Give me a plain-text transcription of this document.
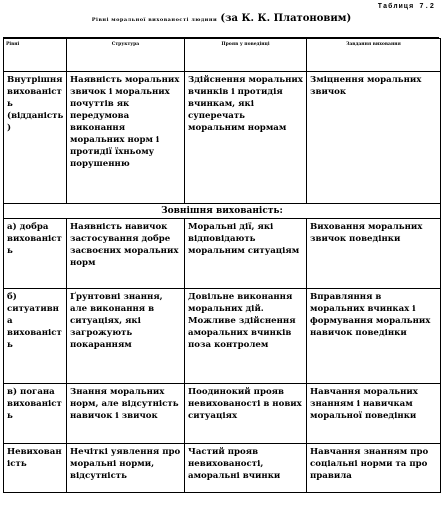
Таблиця 7.2
Рівні моральної вихованості людини (за К. К. Платоновим)
Рівні	Структура	Прояв у поведінці	Завдання виховання
Внутрішня вихованість (відданість)	Наявність моральних звичок і моральних почуттів як передумова виконання моральних норм і протидії їхньому порушенню	Здійснення моральних вчинків і протидія вчинкам, які суперечать моральним нормам	Зміцнення моральних звичок
Зовнішня вихованість:			
а) добра вихованість	Наявність навичок застосування добре засвоєних моральних норм	Моральні дії, які відповідають моральним ситуаціям	Виховання моральних звичок поведінки
б) ситуативна вихованість	Ґрунтовні знання, але виконання в ситуаціях, які загрожують покаранням	Довільне виконання моральних дій. Можливе здійснення аморальних вчинків поза контролем	Вправляння в моральних вчинках і формування моральних навичок поведінки
в) погана вихованість	Знання моральних норм, але відсутність навичок і звичок	Поодинокий прояв невихованості в нових ситуаціях	Навчання моральних знанням і навичкам моральної поведінки
Невихованість	Нечіткі уявлення про моральні норми, відсутність	Частий прояв невихованості, аморальні вчинки	Навчання знанням про соціальні норми та про правила
